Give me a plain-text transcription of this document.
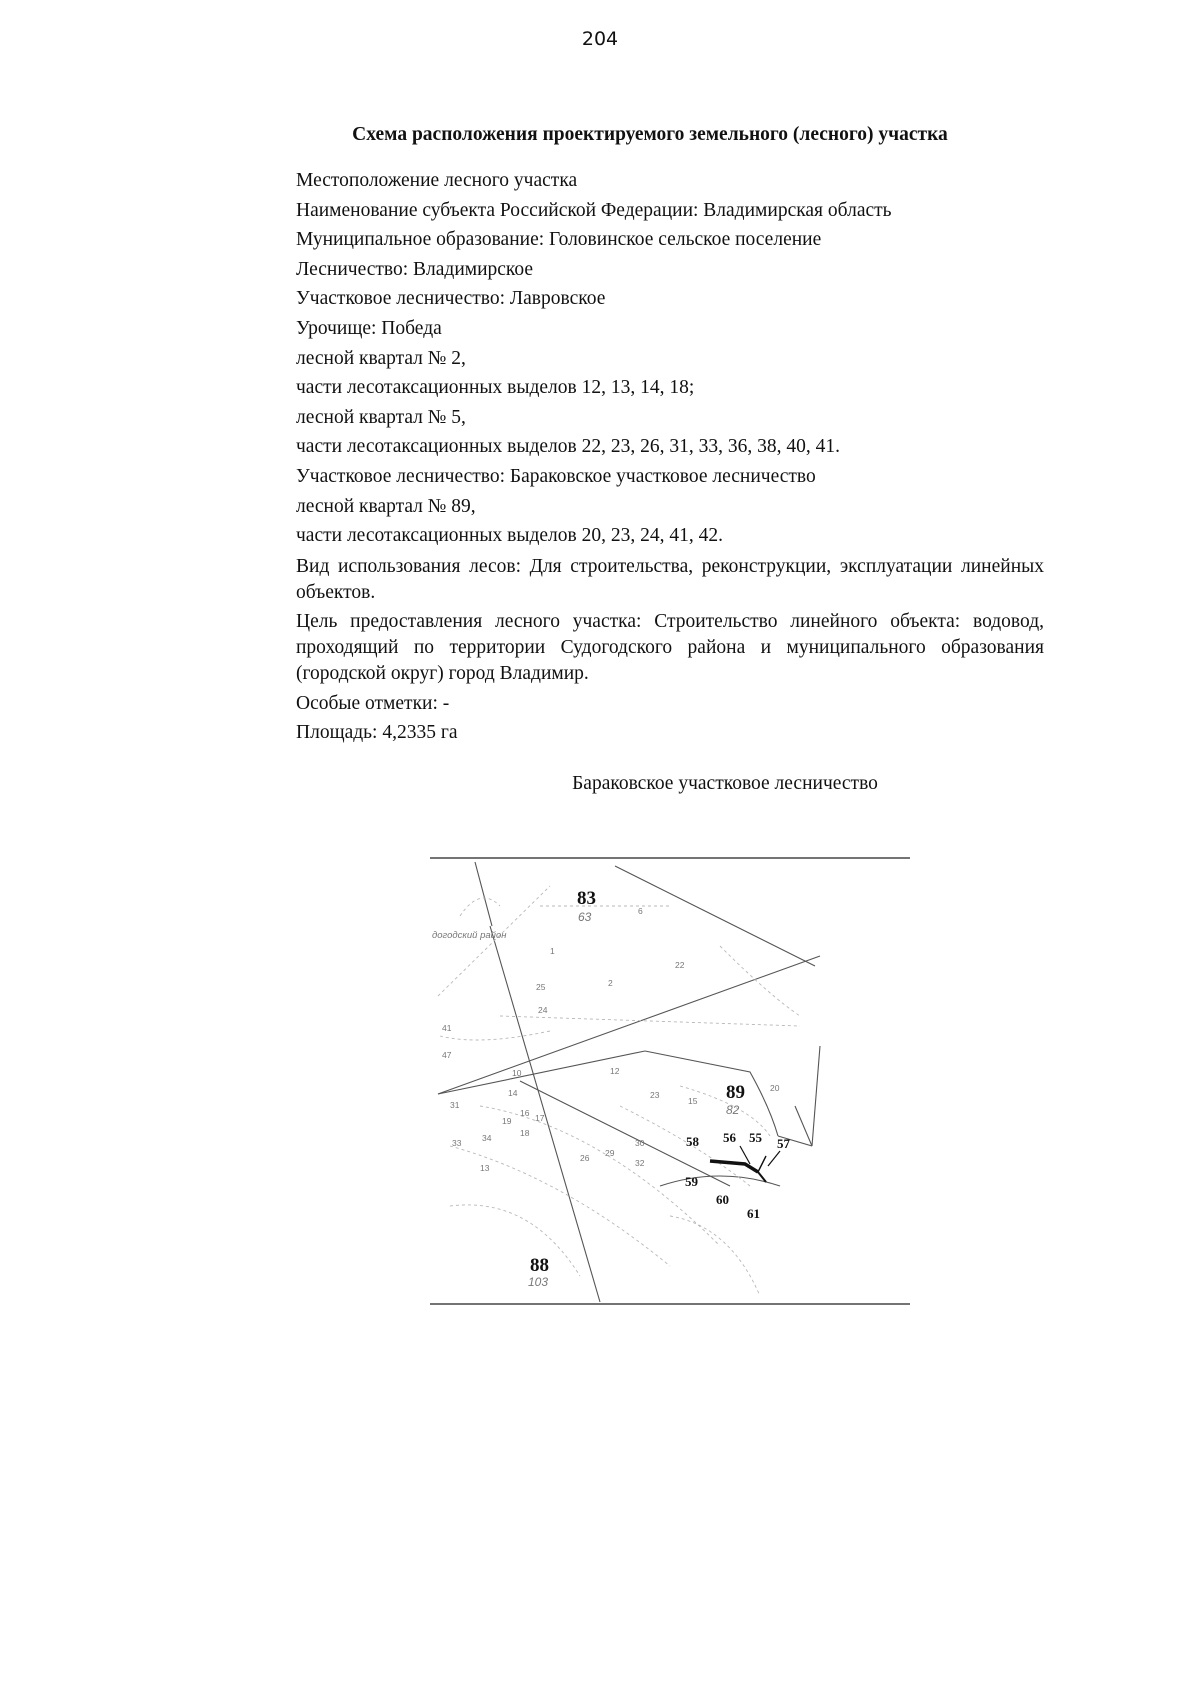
204
Схема расположения проектируемого земельного (лесного) участка
Местоположение лесного участка
Наименование субъекта Российской Федерации: Владимирская область
Муниципальное образование: Головинское сельское поселение
Лесничество: Владимирское
Участковое лесничество: Лавровское
Урочище: Победа
лесной квартал № 2,
части лесотаксационных выделов 12, 13, 14, 18;
лесной квартал № 5,
части лесотаксационных выделов 22, 23, 26, 31, 33, 36, 38, 40, 41.
Участковое лесничество: Бараковское участковое лесничество
лесной квартал № 89,
части лесотаксационных выделов 20, 23, 24, 41, 42.
Вид использования лесов: Для строительства, реконструкции, эксплуатации линейных объектов.
Цель предоставления лесного участка: Строительство линейного объекта: водовод, проходящий по территории Судогодского района и муниципального образования (городской округ) город Владимир.
Особые отметки: -
Площадь: 4,2335 га
Бараковское участковое лесничество
догодский район
83
63
89
82
88
103
41
47
31
33 34
19
18
16 17
10
14
29
26
24
23
25
30
32
12
20
13
15
6
22
1
2
58 56 55 57
59
60
61
